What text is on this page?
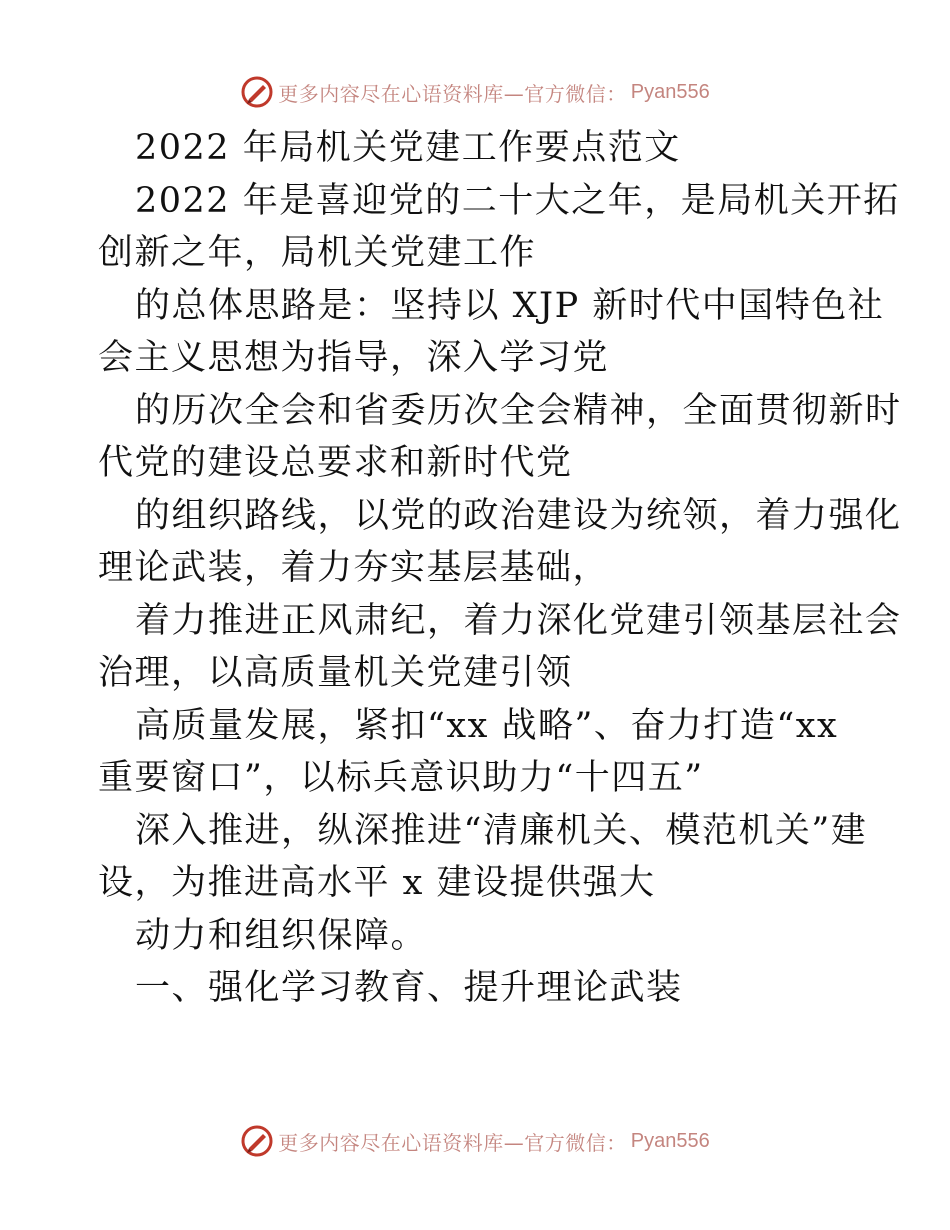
更多内容尽在心语资料库—官方微信： Pyan556

2022 年局机关党建工作要点范文

2022 年是喜迎党的二十大之年，是局机关开拓

创新之年，局机关党建工作

的总体思路是：坚持以 XJP 新时代中国特色社

会主义思想为指导，深入学习党

的历次全会和省委历次全会精神，全面贯彻新时

代党的建设总要求和新时代党

的组织路线，以党的政治建设为统领，着力强化

理论武装，着力夯实基层基础，

着力推进正风肃纪，着力深化党建引领基层社会

治理，以高质量机关党建引领

高质量发展，紧扣“xx 战略”、奋力打造“xx

重要窗口”，以标兵意识助力“十四五”

深入推进，纵深推进“清廉机关、模范机关”建

设，为推进高水平 x 建设提供强大

动力和组织保障。

一、强化学习教育、提升理论武装

更多内容尽在心语资料库—官方微信： Pyan556
